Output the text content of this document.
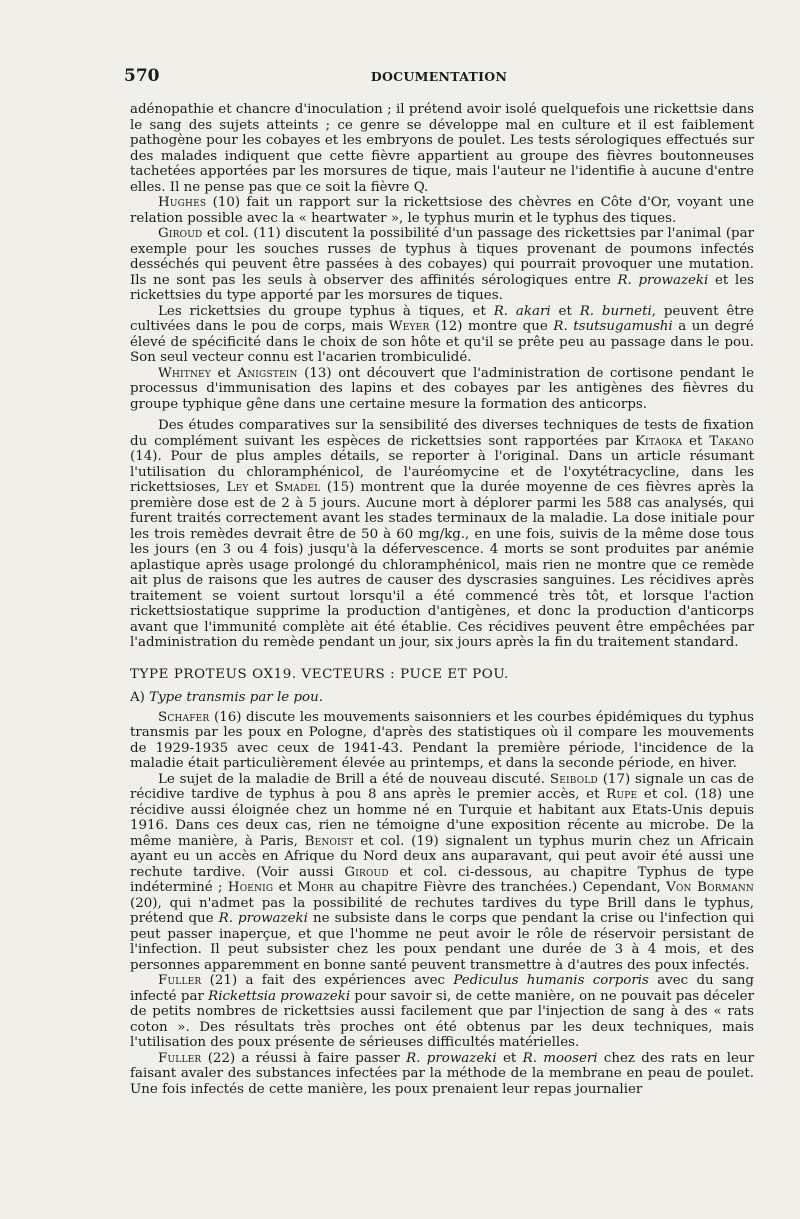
570	DOCUMENTATION

adénopathie et chancre d'inoculation ; il prétend avoir isolé quelquefois une rickettsie dans le sang des sujets atteints ; ce genre se développe mal en culture et il est faiblement pathogène pour les cobayes et les embryons de poulet. Les tests sérologiques effectués sur des malades indiquent que cette fièvre appartient au groupe des fièvres boutonneuses tachetées apportées par les morsures de tique, mais l'auteur ne l'identifie à aucune d'entre elles. Il ne pense pas que ce soit la fièvre Q.

Hughes (10) fait un rapport sur la rickettsiose des chèvres en Côte d'Or, voyant une relation possible avec la « heartwater », le typhus murin et le typhus des tiques.

Giroud et col. (11) discutent la possibilité d'un passage des rickettsies par l'animal (par exemple pour les souches russes de typhus à tiques provenant de poumons infectés desséchés qui peuvent être passées à des cobayes) qui pourrait provoquer une mutation. Ils ne sont pas les seuls à observer des affinités sérologiques entre R. prowazeki et les rickettsies du type apporté par les morsures de tiques.

Les rickettsies du groupe typhus à tiques, et R. akari et R. burneti, peuvent être cultivées dans le pou de corps, mais Weyer (12) montre que R. tsutsugamushi a un degré élevé de spécificité dans le choix de son hôte et qu'il se prête peu au passage dans le pou. Son seul vecteur connu est l'acarien trombiculidé.

Whitney et Anigstein (13) ont découvert que l'administration de cortisone pendant le processus d'immunisation des lapins et des cobayes par les antigènes des fièvres du groupe typhique gêne dans une certaine mesure la formation des anticorps.

Des études comparatives sur la sensibilité des diverses techniques de tests de fixation du complément suivant les espèces de rickettsies sont rapportées par Kitaoka et Takano (14). Pour de plus amples détails, se reporter à l'original. Dans un article résumant l'utilisation du chloramphénicol, de l'auréomycine et de l'oxytétracycline, dans les rickettsioses, Ley et Smadel (15) montrent que la durée moyenne de ces fièvres après la première dose est de 2 à 5 jours. Aucune mort à déplorer parmi les 588 cas analysés, qui furent traités correctement avant les stades terminaux de la maladie. La dose initiale pour les trois remèdes devrait être de 50 à 60 mg/kg., en une fois, suivis de la même dose tous les jours (en 3 ou 4 fois) jusqu'à la défervescence. 4 morts se sont produites par anémie aplastique après usage prolongé du chloramphénicol, mais rien ne montre que ce remède ait plus de raisons que les autres de causer des dyscrasies sanguines. Les récidives après traitement se voient surtout lorsqu'il a été commencé très tôt, et lorsque l'action rickettsiostatique supprime la production d'antigènes, et donc la production d'anticorps avant que l'immunité complète ait été établie. Ces récidives peuvent être empêchées par l'administration du remède pendant un jour, six jours après la fin du traitement standard.

TYPE PROTEUS OX19. VECTEURS : PUCE ET POU.
A) Type transmis par le pou.

Schafer (16) discute les mouvements saisonniers et les courbes épidémiques du typhus transmis par les poux en Pologne, d'après des statistiques où il compare les mouvements de 1929-1935 avec ceux de 1941-43. Pendant la première période, l'incidence de la maladie était particulièrement élevée au printemps, et dans la seconde période, en hiver.

Le sujet de la maladie de Brill a été de nouveau discuté. Seibold (17) signale un cas de récidive tardive de typhus à pou 8 ans après le premier accès, et Rupe et col. (18) une récidive aussi éloignée chez un homme né en Turquie et habitant aux Etats-Unis depuis 1916. Dans ces deux cas, rien ne témoigne d'une exposition récente au microbe. De la même manière, à Paris, Benoist et col. (19) signalent un typhus murin chez un Africain ayant eu un accès en Afrique du Nord deux ans auparavant, qui peut avoir été aussi une rechute tardive. (Voir aussi Giroud et col. ci-dessous, au chapitre Typhus de type indéterminé ; Hoenig et Mohr au chapitre Fièvre des tranchées.) Cependant, Von Bormann (20), qui n'admet pas la possibilité de rechutes tardives du type Brill dans le typhus, prétend que R. prowazeki ne subsiste dans le corps que pendant la crise ou l'infection qui peut passer inaperçue, et que l'homme ne peut avoir le rôle de réservoir persistant de l'infection. Il peut subsister chez les poux pendant une durée de 3 à 4 mois, et des personnes apparemment en bonne santé peuvent transmettre à d'autres des poux infectés.

Fuller (21) a fait des expériences avec Pediculus humanis corporis avec du sang infecté par Rickettsia prowazeki pour savoir si, de cette manière, on ne pouvait pas déceler de petits nombres de rickettsies aussi facilement que par l'injection de sang à des « rats coton ». Des résultats très proches ont été obtenus par les deux techniques, mais l'utilisation des poux présente de sérieuses difficultés matérielles.

Fuller (22) a réussi à faire passer R. prowazeki et R. mooseri chez des rats en leur faisant avaler des substances infectées par la méthode de la membrane en peau de poulet. Une fois infectés de cette manière, les poux prenaient leur repas journalier
